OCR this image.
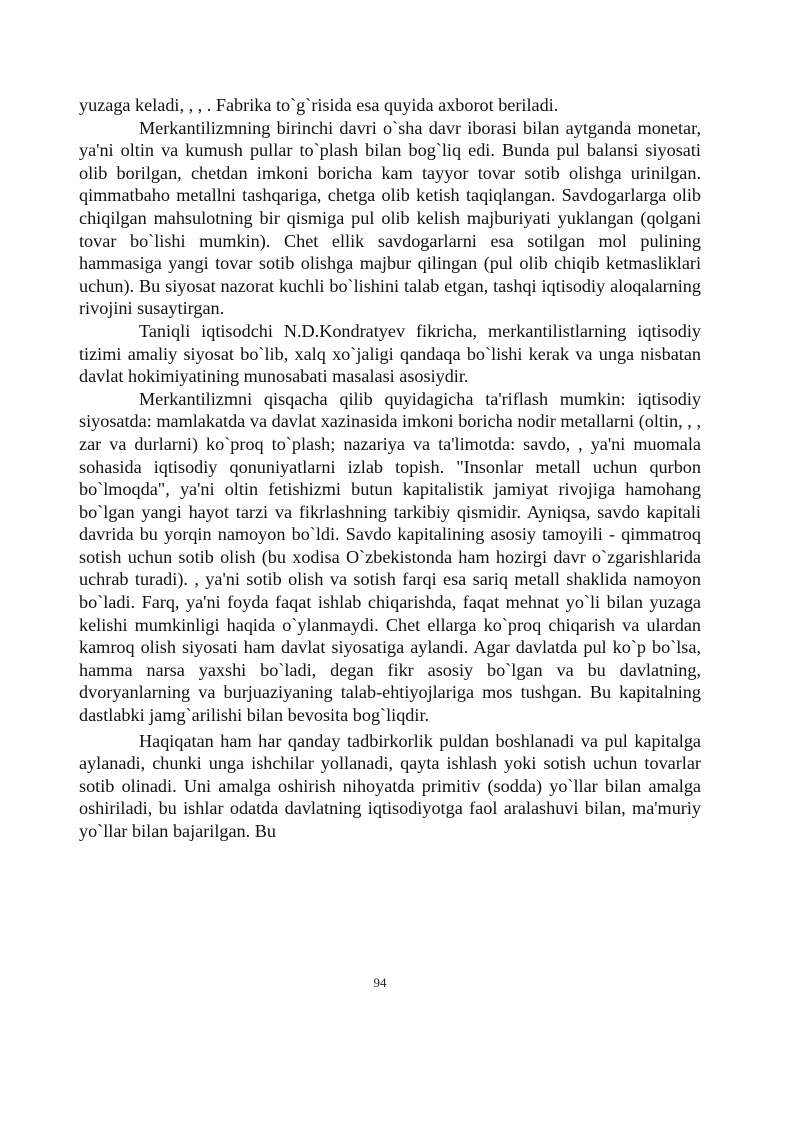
yuzaga keladi, , , . Fabrika to`g`risida esa quyida axborot beriladi.

Merkantilizmning birinchi davri o`sha davr iborasi bilan aytganda monetar, ya'ni oltin va kumush pullar to`plash bilan bog`liq edi. Bunda pul balansi siyosati olib borilgan, chetdan imkoni boricha kam tayyor tovar sotib olishga urinilgan. qimmatbaho metallni tashqariga, chetga olib ketish taqiqlangan. Savdogarlarga olib chiqilgan mahsulotning bir qismiga pul olib kelish majburiyati yuklangan (qolgani tovar bo`lishi mumkin). Chet ellik savdogarlarni esa sotilgan mol pulining hammasiga yangi tovar sotib olishga majbur qilingan (pul olib chiqib ketmasliklari uchun). Bu siyosat nazorat kuchli bo`lishini talab etgan, tashqi iqtisodiy aloqalarning rivojini susaytirgan.

Taniqli iqtisodchi N.D.Kondratyev fikricha, merkantilistlarning iqtisodiy tizimi amaliy siyosat bo`lib, xalq xo`jaligi qandaqa bo`lishi kerak va unga nisbatan davlat hokimiyatining munosabati masalasi asosiydir.

Merkantilizmni qisqacha qilib quyidagicha ta'riflash mumkin: iqtisodiy siyosatda: mamlakatda va davlat xazinasida imkoni boricha nodir metallarni (oltin, , , zar va durlarni) ko`proq to`plash; nazariya va ta'limotda: savdo, , ya'ni muomala sohasida iqtisodiy qonuniyatlarni izlab topish. "Insonlar metall uchun qurbon bo`lmoqda", ya'ni oltin fetishizmi butun kapitalistik jamiyat rivojiga hamohang bo`lgan yangi hayot tarzi va fikrlashning tarkibiy qismidir. Ayniqsa, savdo kapitali davrida bu yorqin namoyon bo`ldi. Savdo kapitalining asosiy tamoyili - qimmatroq sotish uchun sotib olish (bu xodisa O`zbekistonda ham hozirgi davr o`zgarishlarida uchrab turadi). , ya'ni sotib olish va sotish farqi esa sariq metall shaklida namoyon bo`ladi. Farq, ya'ni foyda faqat ishlab chiqarishda, faqat mehnat yo`li bilan yuzaga kelishi mumkinligi haqida o`ylanmaydi. Chet ellarga ko`proq chiqarish va ulardan kamroq olish siyosati ham davlat siyosatiga aylandi. Agar davlatda pul ko`p bo`lsa, hamma narsa yaxshi bo`ladi, degan fikr asosiy bo`lgan va bu davlatning, dvoryanlarning va burjuaziyaning talab-ehtiyojlariga mos tushgan. Bu kapitalning dastlabki jamg`arilishi bilan bevosita bog`liqdir.

Haqiqatan ham har qanday tadbirkorlik puldan boshlanadi va pul kapitalga aylanadi, chunki unga ishchilar yollanadi, qayta ishlash yoki sotish uchun tovarlar sotib olinadi. Uni amalga oshirish nihoyatda primitiv (sodda) yo`llar bilan amalga oshiriladi, bu ishlar odatda davlatning iqtisodiyotga faol aralashuvi bilan, ma'muriy yo`llar bilan bajarilgan. Bu

94
